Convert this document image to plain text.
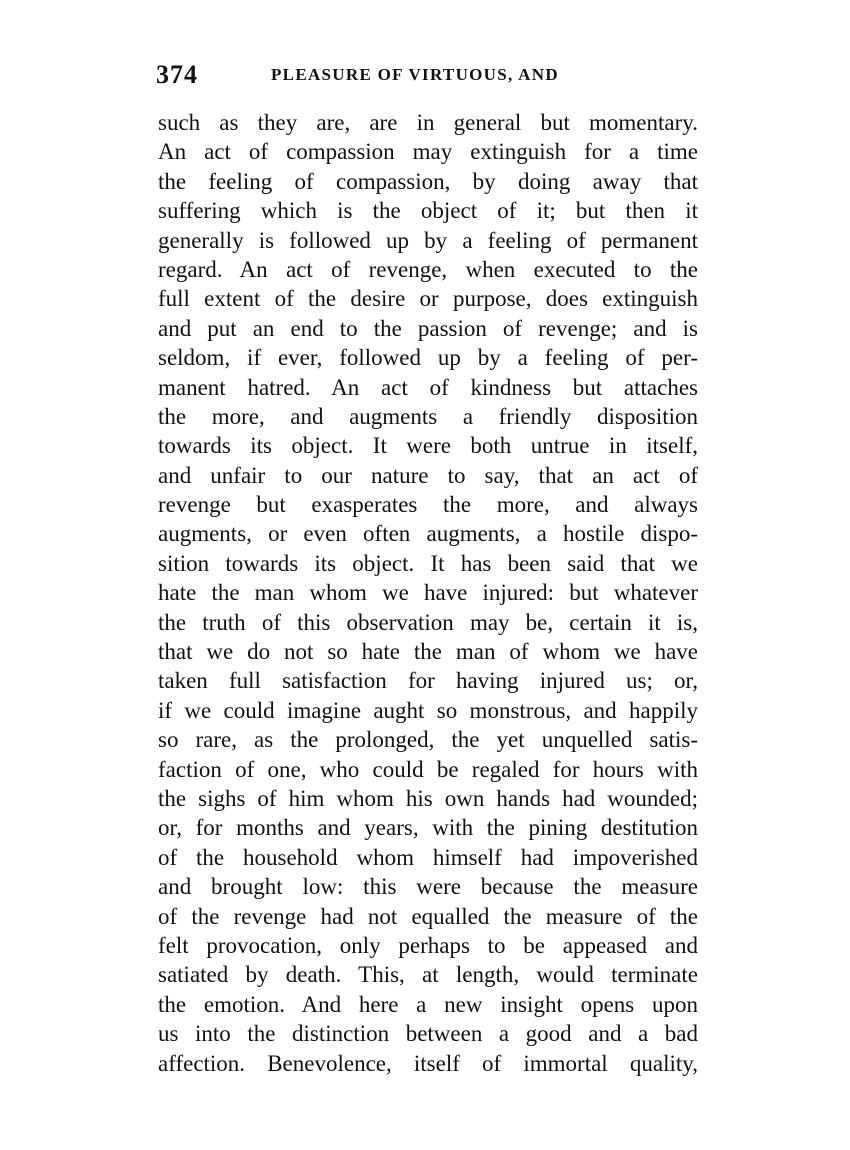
374	PLEASURE OF VIRTUOUS, AND
such as they are, are in general but momentary.
An act of compassion may extinguish for a time
the feeling of compassion, by doing away that
suffering which is the object of it; but then it
generally is followed up by a feeling of permanent
regard. An act of revenge, when executed to the
full extent of the desire or purpose, does extinguish
and put an end to the passion of revenge; and is
seldom, if ever, followed up by a feeling of per-
manent hatred. An act of kindness but attaches
the more, and augments a friendly disposition
towards its object. It were both untrue in itself,
and unfair to our nature to say, that an act of
revenge but exasperates the more, and always
augments, or even often augments, a hostile dispo-
sition towards its object. It has been said that we
hate the man whom we have injured: but whatever
the truth of this observation may be, certain it is,
that we do not so hate the man of whom we have
taken full satisfaction for having injured us; or,
if we could imagine aught so monstrous, and happily
so rare, as the prolonged, the yet unquelled satis-
faction of one, who could be regaled for hours with
the sighs of him whom his own hands had wounded;
or, for months and years, with the pining destitution
of the household whom himself had impoverished
and brought low: this were because the measure
of the revenge had not equalled the measure of the
felt provocation, only perhaps to be appeased and
satiated by death. This, at length, would terminate
the emotion. And here a new insight opens upon
us into the distinction between a good and a bad
affection. Benevolence, itself of immortal quality,
